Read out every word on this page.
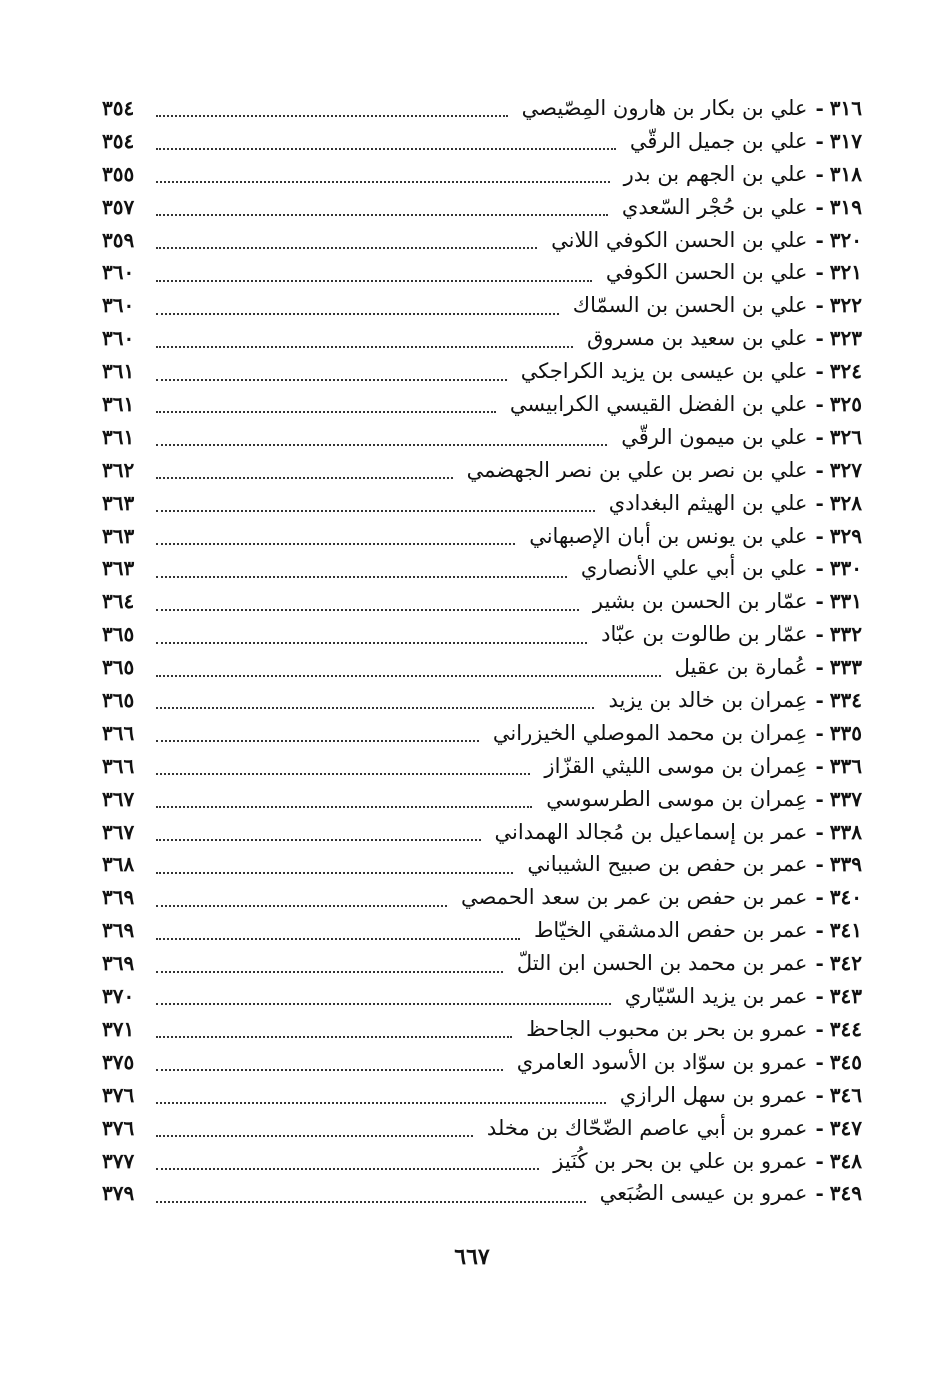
٣١٦
-
علي بن بكار بن هارون المِصّيصي
٣٥٤
٣١٧
-
علي بن جميل الرقّي
٣٥٤
٣١٨
-
علي بن الجهم بن بدر
٣٥٥
٣١٩
-
علي بن حُجْر السّعدي
٣٥٧
٣٢٠
-
علي بن الحسن الكوفي اللاني
٣٥٩
٣٢١
-
علي بن الحسن الكوفي
٣٦٠
٣٢٢
-
علي بن الحسن بن السمّاك
٣٦٠
٣٢٣
-
علي بن سعيد بن مسروق
٣٦٠
٣٢٤
-
علي بن عيسى بن يزيد الكراجكي
٣٦١
٣٢٥
-
علي بن الفضل القيسي الكرابيسي
٣٦١
٣٢٦
-
علي بن ميمون الرقّي
٣٦١
٣٢٧
-
علي بن نصر بن علي بن نصر الجهضمي
٣٦٢
٣٢٨
-
علي بن الهيثم البغدادي
٣٦٣
٣٢٩
-
علي بن يونس بن أبان الإصبهاني
٣٦٣
٣٣٠
-
علي بن أبي علي الأنصاري
٣٦٣
٣٣١
-
عمّار بن الحسن بن بشير
٣٦٤
٣٣٢
-
عمّار بن طالوت بن عبّاد
٣٦٥
٣٣٣
-
عُمارة بن عقيل
٣٦٥
٣٣٤
-
عِمران بن خالد بن يزيد
٣٦٥
٣٣٥
-
عِمران بن محمد الموصلي الخيزراني
٣٦٦
٣٣٦
-
عِمران بن موسى الليثي القزّاز
٣٦٦
٣٣٧
-
عِمران بن موسى الطرسوسي
٣٦٧
٣٣٨
-
عمر بن إسماعيل بن مُجالد الهمداني
٣٦٧
٣٣٩
-
عمر بن حفص بن صبيح الشيباني
٣٦٨
٣٤٠
-
عمر بن حفص بن عمر بن سعد الحمصي
٣٦٩
٣٤١
-
عمر بن حفص الدمشقي الخيّاط
٣٦٩
٣٤٢
-
عمر بن محمد بن الحسن ابن التلّ
٣٦٩
٣٤٣
-
عمر بن يزيد السّيّاري
٣٧٠
٣٤٤
-
عمرو بن بحر بن محبوب الجاحظ
٣٧١
٣٤٥
-
عمرو بن سوّاد بن الأسود العامري
٣٧٥
٣٤٦
-
عمرو بن سهل الرازي
٣٧٦
٣٤٧
-
عمرو بن أبي عاصم الضّحّاك بن مخلد
٣٧٦
٣٤٨
-
عمرو بن علي بن بحر بن كُنَيز
٣٧٧
٣٤٩
-
عمرو بن عيسى الضُبَعي
٣٧٩
٦٦٧
